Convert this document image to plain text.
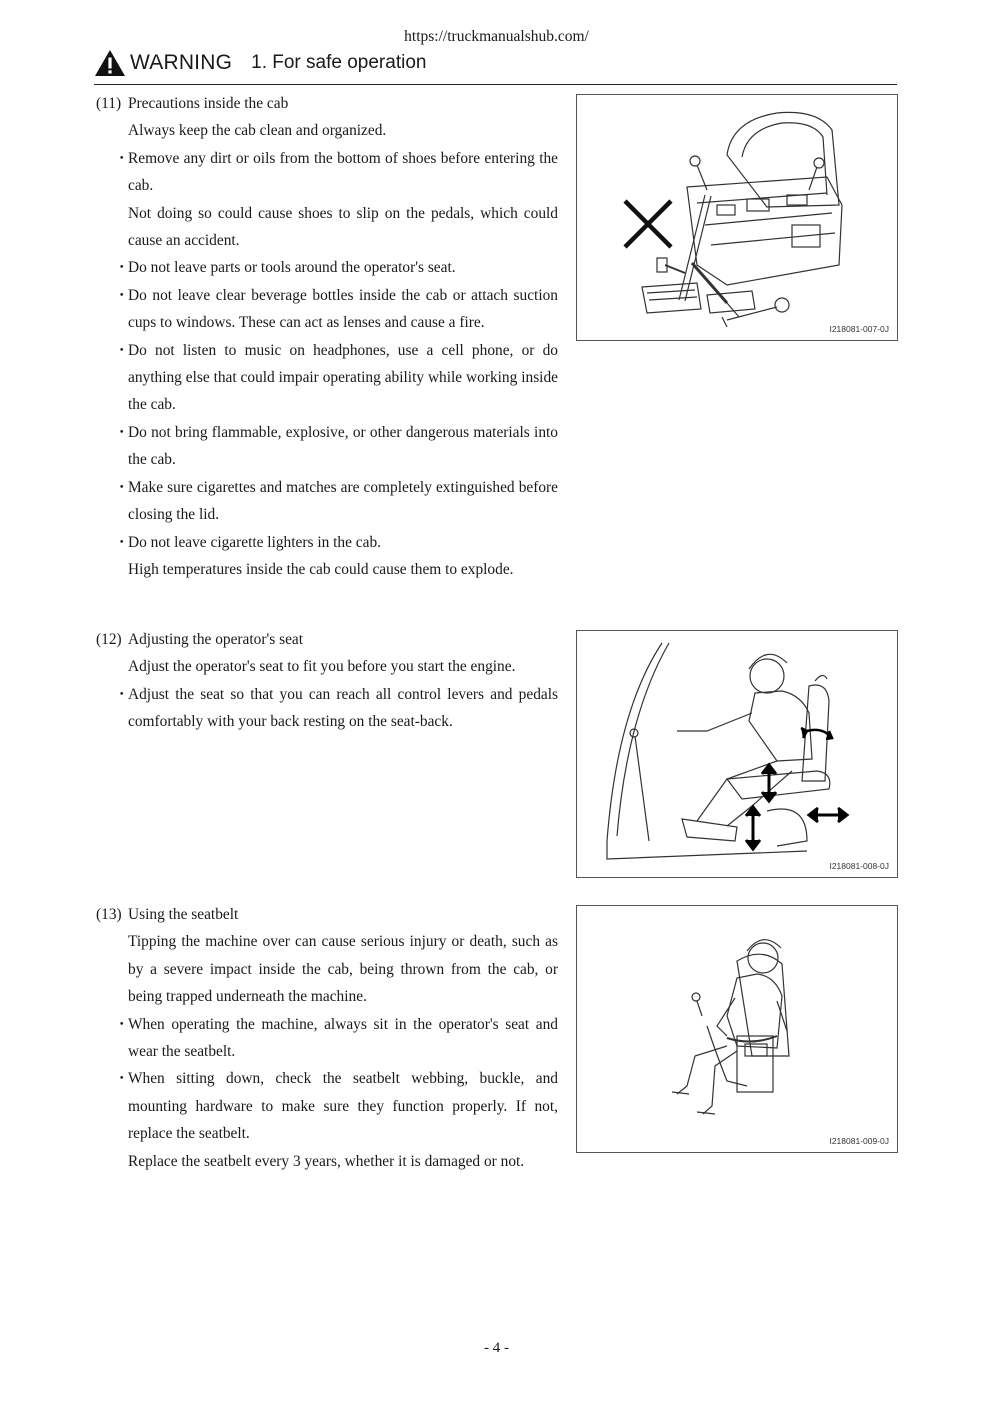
https://truckmanualshub.com/
WARNING 1. For safe operation
(11) Precautions inside the cab
Always keep the cab clean and organized.
・
Remove any dirt or oils from the bottom of shoes before entering the cab.
Not doing so could cause shoes to slip on the pedals, which could cause an accident.
・
Do not leave parts or tools around the operator's seat.
・
Do not leave clear beverage bottles inside the cab or attach suction cups to windows. These can act as lenses and cause a fire.
・
Do not listen to music on headphones, use a cell phone, or do anything else that could impair operating ability while working inside the cab.
・
Do not bring flammable, explosive, or other dangerous materials into the cab.
・
Make sure cigarettes and matches are completely extinguished before closing the lid.
・
Do not leave cigarette lighters in the cab.
High temperatures inside the cab could cause them to explode.
(12) Adjusting the operator's seat
Adjust the operator's seat to fit you before you start the engine.
・
Adjust the seat so that you can reach all control levers and pedals comfortably with your back resting on the seat-back.
(13) Using the seatbelt
Tipping the machine over can cause serious injury or death, such as by a severe impact inside the cab, being thrown from the cab, or being trapped underneath the machine.
・
When operating the machine, always sit in the operator's seat and wear the seatbelt.
・
When sitting down, check the seatbelt webbing, buckle, and mounting hardware to make sure they function properly. If not, replace the seatbelt.
Replace the seatbelt every 3 years, whether it is damaged or not.
I218081-007-0J
I218081-008-0J
I218081-009-0J
- 4 -
